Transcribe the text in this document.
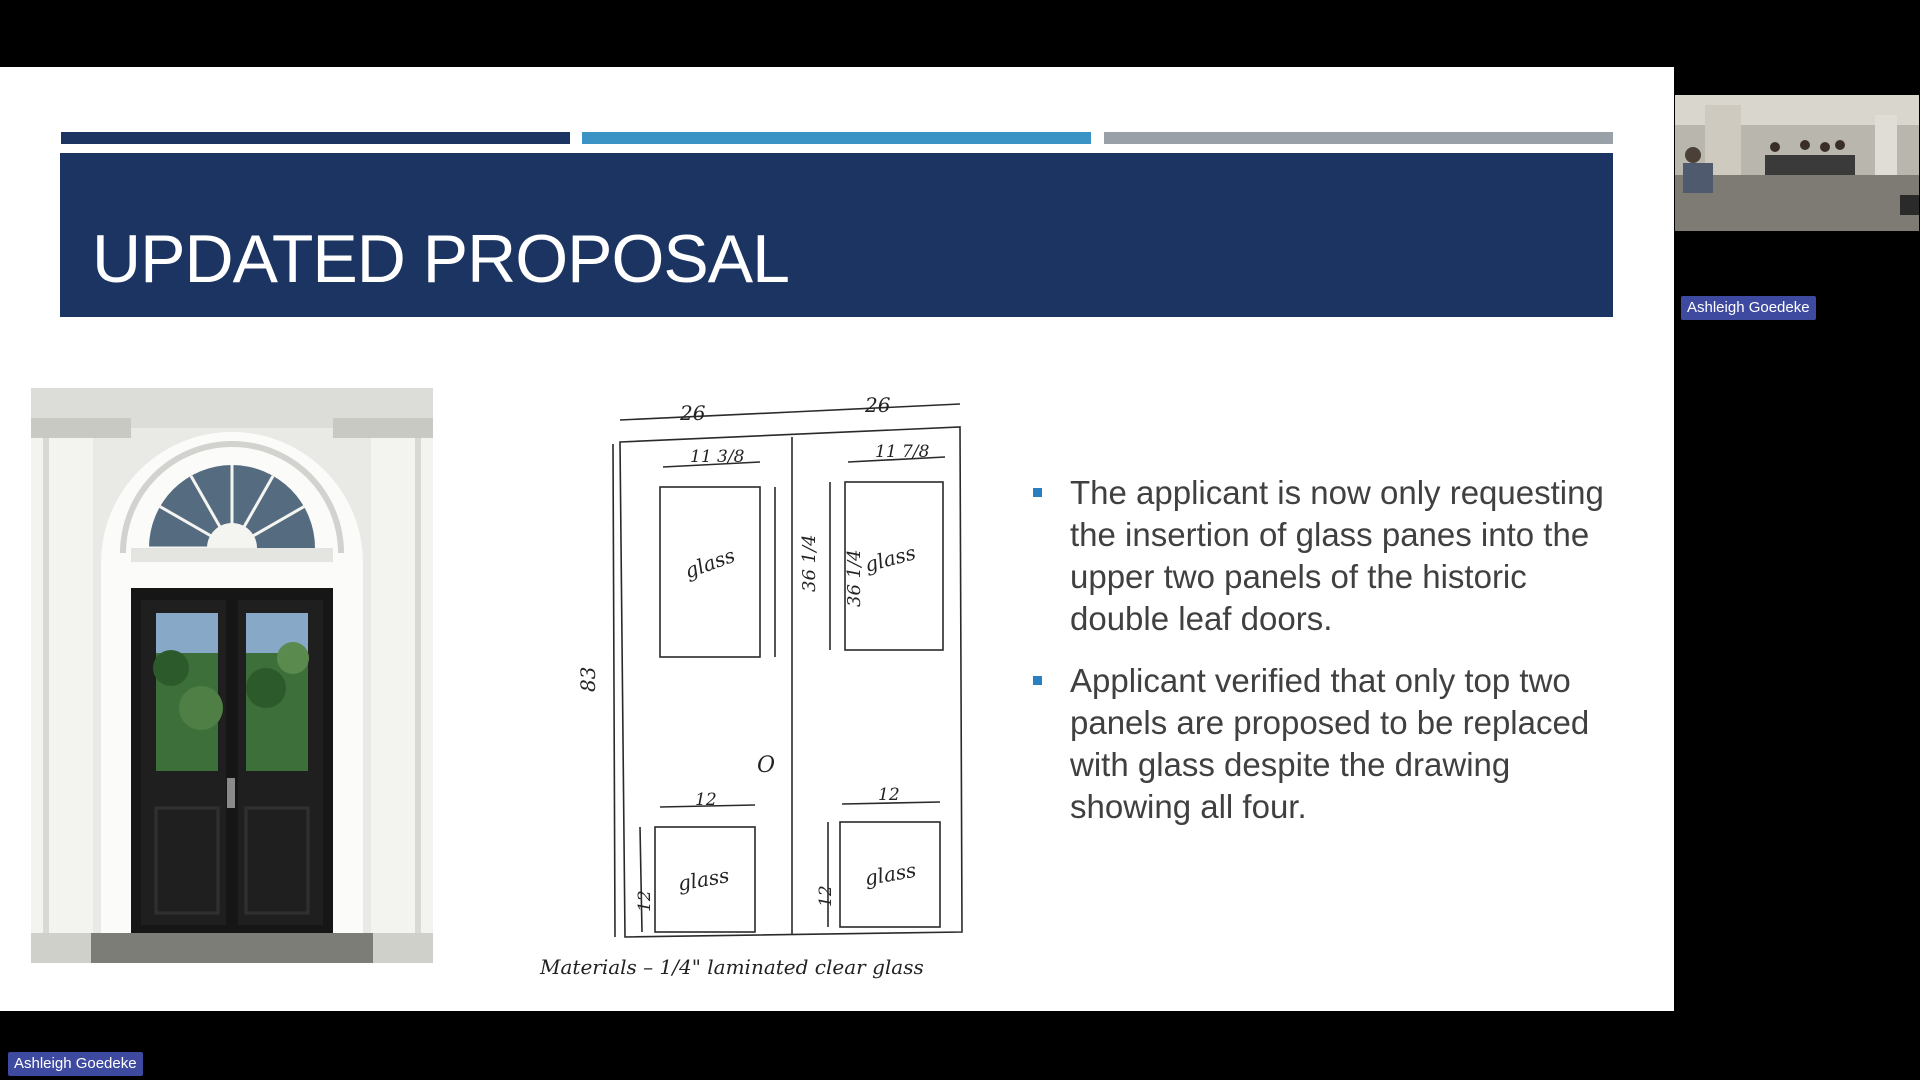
UPDATED PROPOSAL
26	26
83
glass
11 3/8
36 1/4 glass
11 7/8
36 1/4
O
glass
12
12
glass
12
12
Materials – 1/4" laminated clear glass
The applicant is now only requesting the insertion of glass panes into the upper two panels of the historic double leaf doors.
Applicant verified that only top two panels are proposed to be replaced with glass despite the drawing showing all four.
Ashleigh Goedeke
Ashleigh Goedeke
